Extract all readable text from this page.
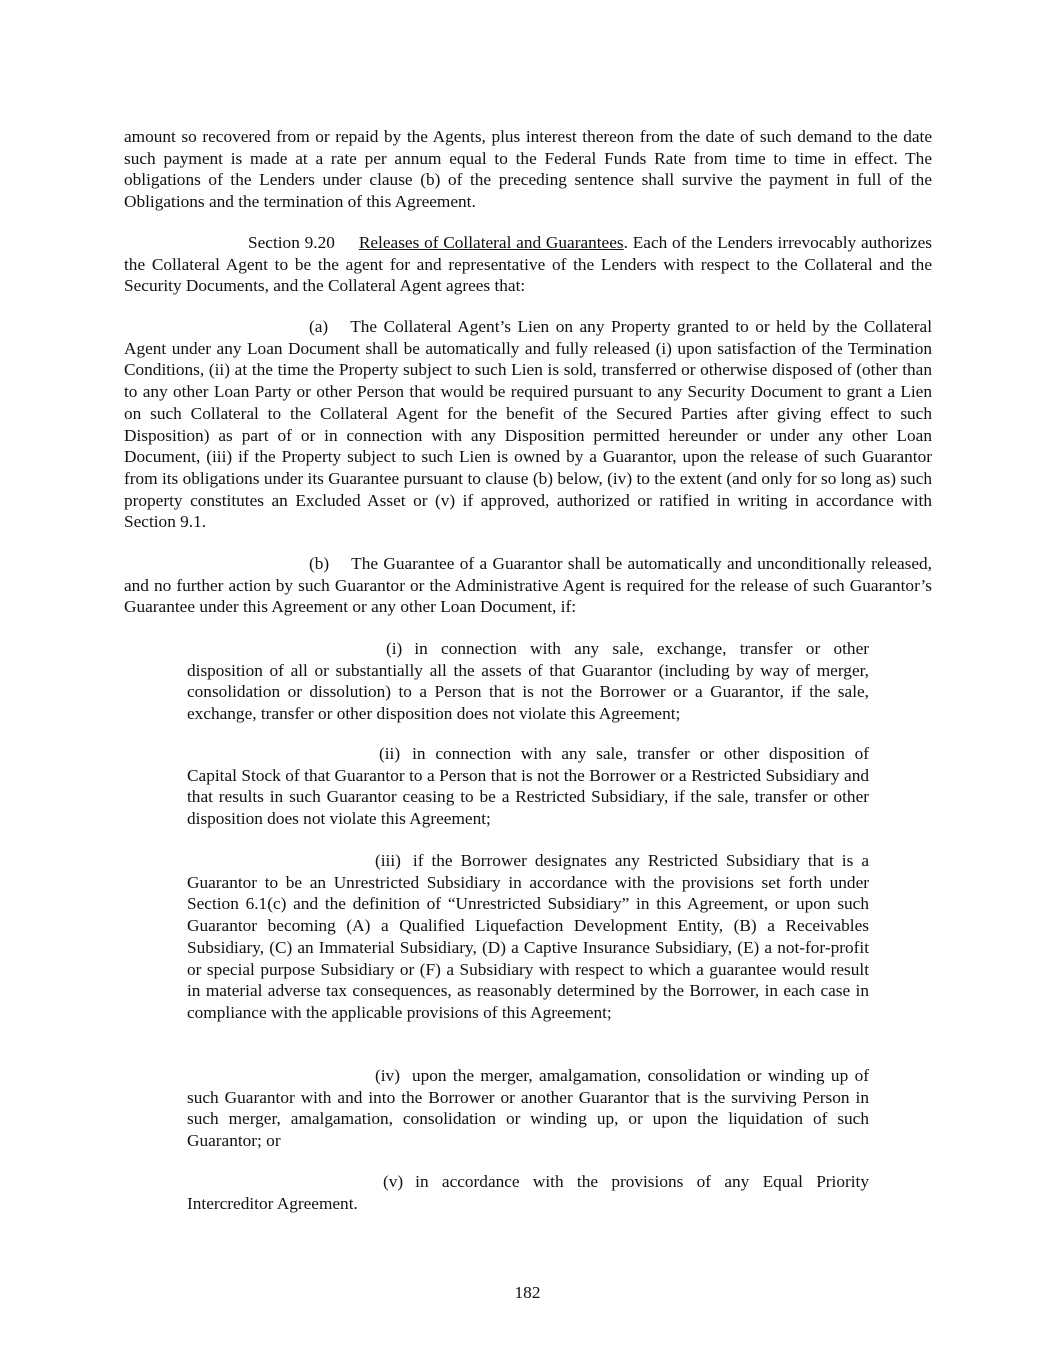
amount so recovered from or repaid by the Agents, plus interest thereon from the date of such demand to the date such payment is made at a rate per annum equal to the Federal Funds Rate from time to time in effect. The obligations of the Lenders under clause (b) of the preceding sentence shall survive the payment in full of the Obligations and the termination of this Agreement.

Section 9.20 Releases of Collateral and Guarantees. Each of the Lenders irrevocably authorizes the Collateral Agent to be the agent for and representative of the Lenders with respect to the Collateral and the Security Documents, and the Collateral Agent agrees that:

(a) The Collateral Agent’s Lien on any Property granted to or held by the Collateral Agent under any Loan Document shall be automatically and fully released (i) upon satisfaction of the Termination Conditions, (ii) at the time the Property subject to such Lien is sold, transferred or otherwise disposed of (other than to any other Loan Party or other Person that would be required pursuant to any Security Document to grant a Lien on such Collateral to the Collateral Agent for the benefit of the Secured Parties after giving effect to such Disposition) as part of or in connection with any Disposition permitted hereunder or under any other Loan Document, (iii) if the Property subject to such Lien is owned by a Guarantor, upon the release of such Guarantor from its obligations under its Guarantee pursuant to clause (b) below, (iv) to the extent (and only for so long as) such property constitutes an Excluded Asset or (v) if approved, authorized or ratified in writing in accordance with Section 9.1.

(b) The Guarantee of a Guarantor shall be automatically and unconditionally released, and no further action by such Guarantor or the Administrative Agent is required for the release of such Guarantor’s Guarantee under this Agreement or any other Loan Document, if:

(i) in connection with any sale, exchange, transfer or other disposition of all or substantially all the assets of that Guarantor (including by way of merger, consolidation or dissolution) to a Person that is not the Borrower or a Guarantor, if the sale, exchange, transfer or other disposition does not violate this Agreement;

(ii) in connection with any sale, transfer or other disposition of Capital Stock of that Guarantor to a Person that is not the Borrower or a Restricted Subsidiary and that results in such Guarantor ceasing to be a Restricted Subsidiary, if the sale, transfer or other disposition does not violate this Agreement;

(iii) if the Borrower designates any Restricted Subsidiary that is a Guarantor to be an Unrestricted Subsidiary in accordance with the provisions set forth under Section 6.1(c) and the definition of “Unrestricted Subsidiary” in this Agreement, or upon such Guarantor becoming (A) a Qualified Liquefaction Development Entity, (B) a Receivables Subsidiary, (C) an Immaterial Subsidiary, (D) a Captive Insurance Subsidiary, (E) a not-for-profit or special purpose Subsidiary or (F) a Subsidiary with respect to which a guarantee would result in material adverse tax consequences, as reasonably determined by the Borrower, in each case in compliance with the applicable provisions of this Agreement;

(iv) upon the merger, amalgamation, consolidation or winding up of such Guarantor with and into the Borrower or another Guarantor that is the surviving Person in such merger, amalgamation, consolidation or winding up, or upon the liquidation of such Guarantor; or

(v) in accordance with the provisions of any Equal Priority Intercreditor Agreement.

182
